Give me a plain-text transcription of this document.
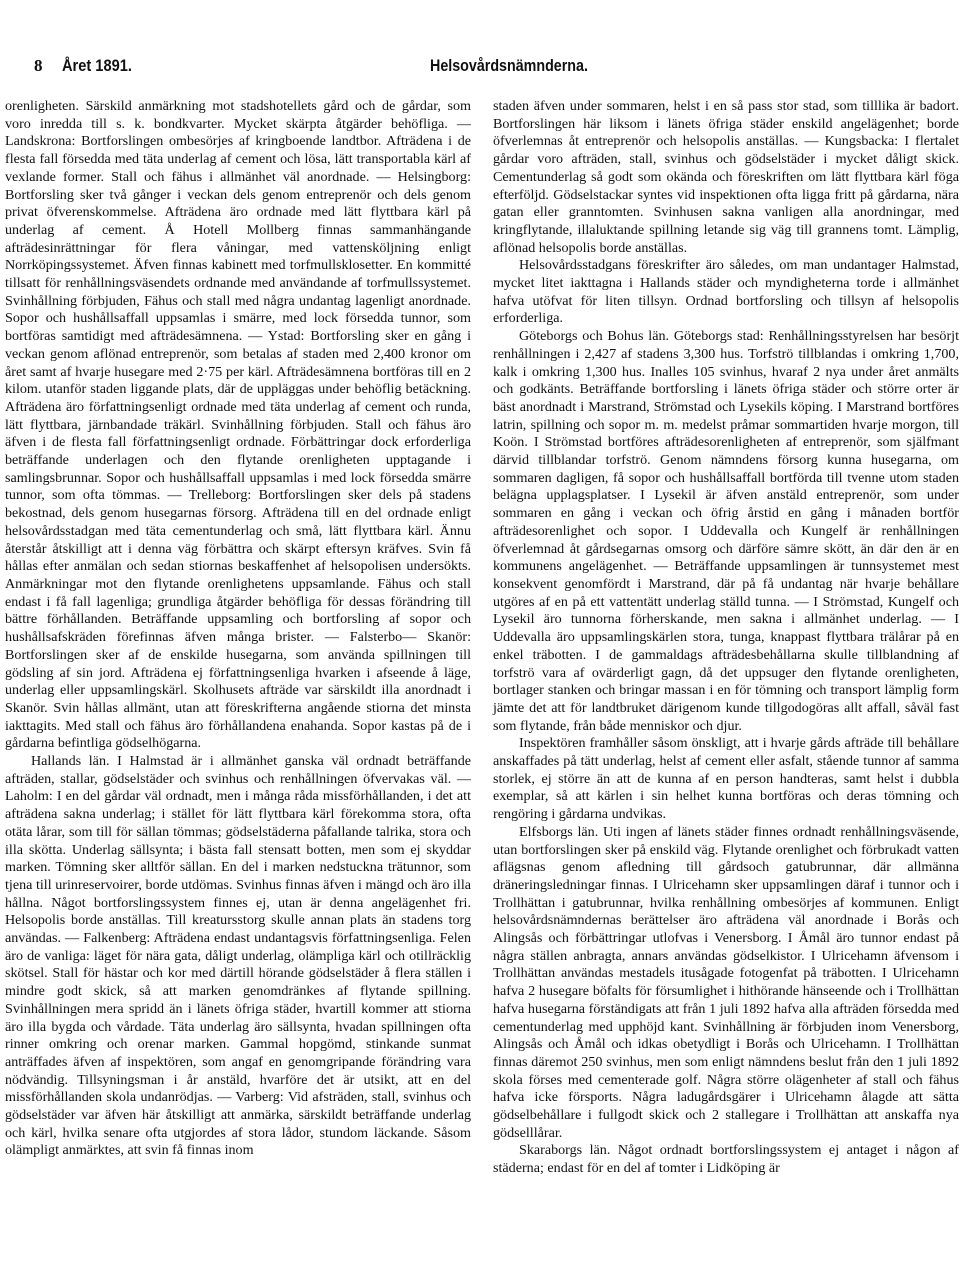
8 Året 1891.	Helsovårdsnämnderna.

orenligheten. Särskild anmärkning mot stadshotellets gård och de gårdar, som voro inredda till s. k. bondkvarter. Mycket skärpta åtgärder behöfliga. — Landskrona: Bortforslingen ombesörjes af kringboende landtbor. Afträdena i de flesta fall försedda med täta underlag af cement och lösa, lätt transportabla kärl af vexlande former. Stall och fähus i allmänhet väl anordnade. — Helsingborg: Bortforsling sker två gånger i veckan dels genom entreprenör och dels genom privat öfverenskommelse. Afträdena äro ordnade med lätt flyttbara kärl på underlag af cement. Å Hotell Mollberg finnas sammanhängande afträdesinrättningar för flera våningar, med vattensköljning enligt Norrköpingssystemet. Äfven finnas kabinett med torfmullsklosetter. En kommitté tillsatt för renhållningsväsendets ordnande med användande af torfmullssystemet. Svinhållning förbjuden, Fähus och stall med några undantag lagenligt anordnade. Sopor och hushållsaffall uppsamlas i smärre, med lock försedda tunnor, som bortföras samtidigt med afträdesämnena. — Ystad: Bortforsling sker en gång i veckan genom aflönad entreprenör, som betalas af staden med 2,400 kronor om året samt af hvarje husegare med 2·75 per kärl. Afträdesämnena bortföras till en 2 kilom. utanför staden liggande plats, där de uppläggas under behöflig betäckning. Afträdena äro författningsenligt ordnade med täta underlag af cement och runda, lätt flyttbara, järnbandade träkärl. Svinhållning förbjuden. Stall och fähus äro äfven i de flesta fall författningsenligt ordnade. Förbättringar dock erforderliga beträffande underlagen och den flytande orenligheten upptagande i samlingsbrunnar. Sopor och hushållsaffall uppsamlas i med lock försedda smärre tunnor, som ofta tömmas. — Trelleborg: Bortforslingen sker dels på stadens bekostnad, dels genom husegarnas försorg. Afträdena till en del ordnade enligt helsovårdsstadgan med täta cementunderlag och små, lätt flyttbara kärl. Ännu återstår åtskilligt att i denna väg förbättra och skärpt eftersyn kräfves. Svin få hållas efter anmälan och sedan stiornas beskaffenhet af helsopolisen undersökts. Anmärkningar mot den flytande orenlighetens uppsamlande. Fähus och stall endast i få fall lagenliga; grundliga åtgärder behöfliga för dessas förändring till bättre förhållanden. Beträffande uppsamling och bortforsling af sopor och hushållsafskräden förefinnas äfven många brister. — Falsterbo— Skanör: Bortforslingen sker af de enskilde husegarna, som använda spillningen till gödsling af sin jord. Afträdena ej författningsenliga hvarken i afseende å läge, underlag eller uppsamlingskärl. Skolhusets afträde var särskildt illa anordnadt i Skanör. Svin hållas allmänt, utan att föreskrifterna angående stiorna det minsta iakttagits. Med stall och fähus äro förhållandena enahanda. Sopor kastas på de i gårdarna befintliga gödselhögarna.

Hallands län. I Halmstad är i allmänhet ganska väl ordnadt beträffande afträden, stallar, gödselstäder och svinhus och renhållningen öfvervakas väl. — Laholm: I en del gårdar väl ordnadt, men i många råda missförhållanden, i det att afträdena sakna underlag; i stället för lätt flyttbara kärl förekomma stora, ofta otäta lårar, som till för sällan tömmas; gödselstäderna påfallande talrika, stora och illa skötta. Underlag sällsynta; i bästa fall stensatt botten, men som ej skyddar marken. Tömning sker alltför sällan. En del i marken nedstuckna trätunnor, som tjena till urinreservoirer, borde utdömas. Svinhus finnas äfven i mängd och äro illa hållna. Något bortforslingssystem finnes ej, utan är denna angelägenhet fri. Helsopolis borde anställas. Till kreatursstorg skulle annan plats än stadens torg användas. — Falkenberg: Afträdena endast undantagsvis författningsenliga. Felen äro de vanliga: läget för nära gata, dåligt underlag, olämpliga kärl och otillräcklig skötsel. Stall för hästar och kor med därtill hörande gödselstäder å flera ställen i mindre godt skick, så att marken genomdränkes af flytande spillning. Svinhållningen mera spridd än i länets öfriga städer, hvartill kommer att stiorna äro illa bygda och vårdade. Täta underlag äro sällsynta, hvadan spillningen ofta rinner omkring och orenar marken. Gammal hopgömd, stinkande sunmat anträffades äfven af inspektören, som angaf en genomgripande förändring vara nödvändig. Tillsyningsman i år anstäld, hvarföre det är utsikt, att en del missförhållanden skola undanrödjas. — Varberg: Vid afsträden, stall, svinhus och gödselstäder var äfven här åtskilligt att anmärka, särskildt beträffande underlag och kärl, hvilka senare ofta utgjordes af stora lådor, stundom läckande. Såsom olämpligt anmärktes, att svin få finnas inom

staden äfven under sommaren, helst i en så pass stor stad, som tilllika är badort. Bortforslingen här liksom i länets öfriga städer enskild angelägenhet; borde öfverlemnas åt entreprenör och helsopolis anställas. — Kungsbacka: I flertalet gårdar voro afträden, stall, svinhus och gödselstäder i mycket dåligt skick. Cementunderlag så godt som okända och föreskriften om lätt flyttbara kärl föga efterföljd. Gödselstackar syntes vid inspektionen ofta ligga fritt på gårdarna, nära gatan eller granntomten. Svinhusen sakna vanligen alla anordningar, med kringflytande, illaluktande spillning letande sig väg till grannens tomt. Lämplig, aflönad helsopolis borde anställas.

Helsovårdsstadgans föreskrifter äro således, om man undantager Halmstad, mycket litet iakttagna i Hallands städer och myndigheterna torde i allmänhet hafva utöfvat för liten tillsyn. Ordnad bortforsling och tillsyn af helsopolis erforderliga.

Göteborgs och Bohus län. Göteborgs stad: Renhållningsstyrelsen har besörjt renhållningen i 2,427 af stadens 3,300 hus. Torfströ tillblandas i omkring 1,700, kalk i omkring 1,300 hus. Inalles 105 svinhus, hvaraf 2 nya under året anmälts och godkänts. Beträffande bortforsling i länets öfriga städer och större orter är bäst anordnadt i Marstrand, Strömstad och Lysekils köping. I Marstrand bortföres latrin, spillning och sopor m. m. medelst pråmar sommartiden hvarje morgon, till Koön. I Strömstad bortföres afträdesorenligheten af entreprenör, som själfmant därvid tillblandar torfströ. Genom nämndens försorg kunna husegarna, om sommaren dagligen, få sopor och hushållsaffall bortförda till tvenne utom staden belägna upplagsplatser. I Lysekil är äfven anstäld entreprenör, som under sommaren en gång i veckan och öfrig årstid en gång i månaden bortför afträdesorenlighet och sopor. I Uddevalla och Kungelf är renhållningen öfverlemnad åt gårdsegarnas omsorg och därföre sämre skött, än där den är en kommunens angelägenhet. — Beträffande uppsamlingen är tunnsystemet mest konsekvent genomfördt i Marstrand, där på få undantag när hvarje behållare utgöres af en på ett vattentätt underlag ställd tunna. — I Strömstad, Kungelf och Lysekil äro tunnorna förherskande, men sakna i allmänhet underlag. — I Uddevalla äro uppsamlingskärlen stora, tunga, knappast flyttbara trälårar på en enkel träbotten. I de gammaldags afträdesbehållarna skulle tillblandning af torfströ vara af ovärderligt gagn, då det uppsuger den flytande orenligheten, bortlager stanken och bringar massan i en för tömning och transport lämplig form jämte det att för landtbruket därigenom kunde tillgodogöras allt affall, såväl fast som flytande, från både menniskor och djur.

Inspektören framhåller såsom önskligt, att i hvarje gårds afträde till behållare anskaffades på tätt underlag, helst af cement eller asfalt, stående tunnor af samma storlek, ej större än att de kunna af en person handteras, samt helst i dubbla exemplar, så att kärlen i sin helhet kunna bortföras och deras tömning och rengöring i gårdarna undvikas.

Elfsborgs län. Uti ingen af länets städer finnes ordnadt renhållningsväsende, utan bortforslingen sker på enskild väg. Flytande orenlighet och förbrukadt vatten aflägsnas genom afledning till gårdsoch gatubrunnar, där allmänna dräneringsledningar finnas. I Ulricehamn sker uppsamlingen däraf i tunnor och i Trollhättan i gatubrunnar, hvilka renhållning ombesörjes af kommunen. Enligt helsovårdsnämndernas berättelser äro afträdena väl anordnade i Borås och Alingsås och förbättringar utlofvas i Venersborg. I Åmål äro tunnor endast på några ställen anbragta, annars användas gödselkistor. I Ulricehamn äfvensom i Trollhättan användas mestadels itusågade fotogenfat på träbotten. I Ulricehamn hafva 2 husegare böfalts för försumlighet i hithörande hänseende och i Trollhättan hafva husegarna förständigats att från 1 juli 1892 hafva alla afträden försedda med cementunderlag med upphöjd kant. Svinhållning är förbjuden inom Venersborg, Alingsås och Åmål och idkas obetydligt i Borås och Ulricehamn. I Trollhättan finnas däremot 250 svinhus, men som enligt nämndens beslut från den 1 juli 1892 skola förses med cementerade golf. Några större olägenheter af stall och fähus hafva icke försports. Några ladugårdsgärer i Ulricehamn ålagde att sätta gödselbehållare i fullgodt skick och 2 stallegare i Trollhättan att anskaffa nya gödselllårar.

Skaraborgs län. Något ordnadt bortforslingssystem ej antaget i någon af städerna; endast för en del af tomter i Lidköping är
